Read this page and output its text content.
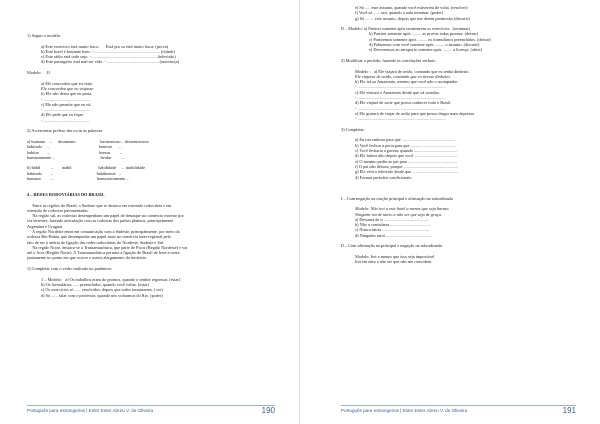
1) Seguir o modelo:
a) Este exercício está muito fraco.      Está pro sa está muito fraca. (prova)
b) Este hotel é bastante bom. - ............................................................. (cidade)
c) Este rádio está todo sujo. - ............................................................ (televisão)
d) Este passageiro está mal ser vido. - ................................................ (aeromoça)
Modelo:     II
a) Ele concordou que eu viaje.
Ele concordou que eu viajasse.
b) Ele não deixa que eu parta.
- ...........................................
c) Ele não permite que eu vá.
- ...........................................
d) Ele pede que eu fique.
- ...........................................
2) Acrescentar prefixo des ou in às palavras:
a) humano    –      desumano                       harmonioso – desarmonioso
habitado     –                                              honesto      –
habitar        –                                              honrar         –
humanamente –                                           herdar          –
b) hábil          –        inábil                         habilidade     –  inabilidade
habitado        –                                         habilmente   –
humano         –                                         harmonicamente –
4 – REDES RODOVIÁRIAS DO BRASIL
Entre as regiões do Brasil, o Sudeste que se destaca em extensão rodoviária e em
extensão de rodovias pavimentadas.
Na região sul, as rodovias desempenham um papel de destaque no comércio externo por
via terrestre, fazendo articulação com as rodovias dos países platinos, principalmente
Argentina e Uruguai.
A região Nordeste entra em comunicação com a Sudeste, principalmente, por meio da
rodovia Rio-Bahia, que desempenha um papel mais no comércio inter-regional pelo
fato de ser a artéria de ligação das redes rodoviárias do Nordeste, Sudeste e Sul.
Na região Norte, destaca-se a Transamazônica, que parte de Picos (Região Nordeste) e vai
até o Acre (Região Norte). A Transamazônica permite a ligação do Brasil de leste a oeste,
juntamente no ponto em que ocorre o maior alargamento do território.
1) Completar com o verbo indicado no parêntese:
1 – Modelo:   a) Os trabalhos eram do prontos, quando o senhor regressar. (estar)
b) Os formulários ...... preenchidos, quando você voltar. (estar)
c) Os exercícios só ...... resolvidos, depois que todos terminarem. ( ser)
d) Só ...... falar com o professor, quando nós voltarmos do Rio. (poder)
Português para estrangeiros | Ester Ester Abreu V. de Oliveira	190
e) Só ..... este assunto, quando você estiverem de volta. (resolver)
f) Você só ...... sair, quando a aula terminar. (poder)
g) Só ........ este assunto, depois que me derem permissão (discutir)
II – Modelo: a) Partirei somente após terminarem os exercícios . (terminar)
b) Partirei somente após ......... as provas todas prontas. (deixar)
c) Partiremos somente após ......... os formulários preenchidos. (deixar)
d) Falaremos com você somente após ......... o assunto. (discutir)
e) Desceremos ao aeroporto somente após ......... a licença. (obter)
2) Modificar o período, fazendo as correlações verbais:
Modelo :   a) Ele viajará de avião, contando que eu tenha dinheiro.
Ele viajaria de avião, contando que eu tivesse dinheiro.
b) Ele irá ao Amazonas, mesmo que você não o acompanhe.
- ..................................................................................
c) Ele visitará o Amazonas desde que vá sozinho.
- ..................................................................................
d) Ele viajará de sorte que possa conhecer todo o Brasil.
- ..................................................................................
e) Ele gostará de viajar de avião para que possa chegar mais depressa.
- ..................................................................................
3) Completar:
a) Eu iria embora para que ..................................................
b) Você fechou a porta para que ..........................................
c) Você fecharia a gaveta, quando ........................................
d) Ele falava alto depois que você ........................................
e) O menino pediu ao pai para ..............................................
f) O pai não deixou, porque ...................................................
g) Ele verá a televisão desde que ...........................................
4) Formar períodos condicionais:
I – Com negação na oração principal e afirmação na subordinada
Modelo: Não irei a este hotel a menos que seja barato.
Ninguém irá de navio a não ser que seja de graça.
a) Deixaria de ir ..........................................
b) Não a convidaria ......................................
c) Nunca sairia ............................................
d) Ninguém sairá ...........................................
II – Com afirmação na principal e negação na subordinada:
Modelo: Irei a menos que isso seja impossível
Irei em neto a não ser que não me convidem.
Português para estrangeiros | Ester Ester Abreu V. de Oliveira	191
